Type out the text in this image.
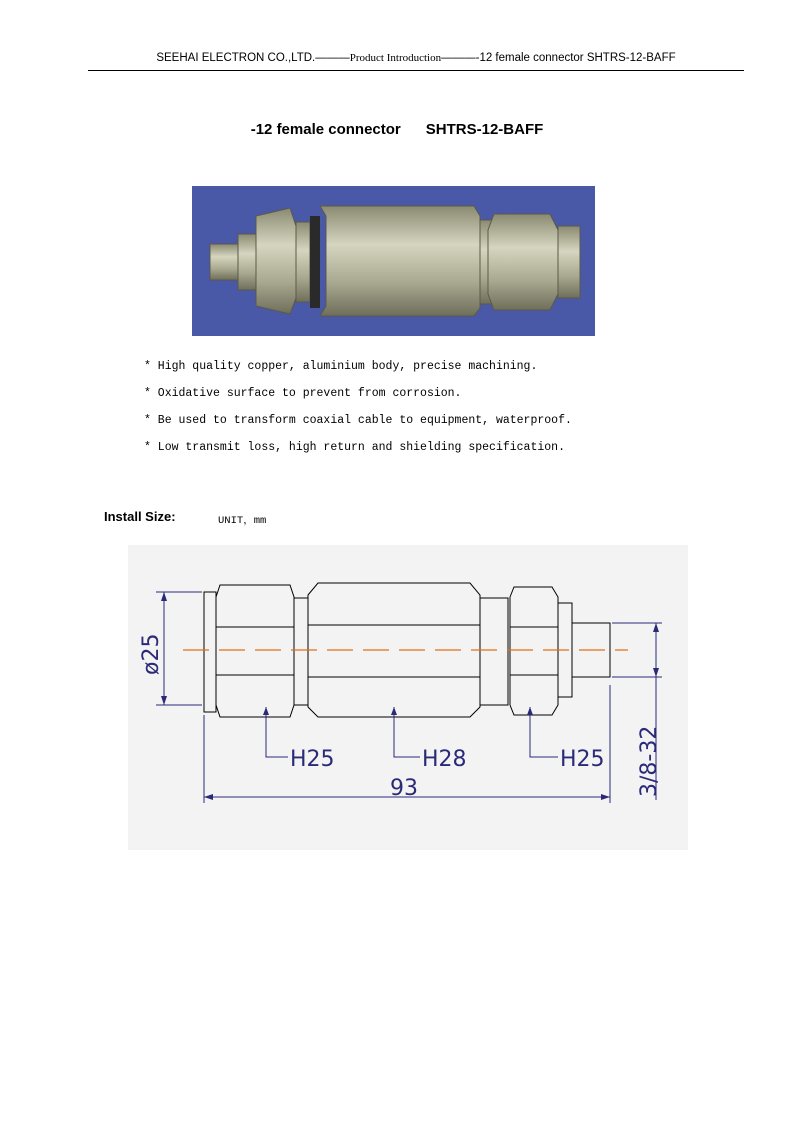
SEEHAI ELECTRON CO.,LTD.———Product Introduction———-12 female connector SHTRS-12-BAFF
-12 female connector      SHTRS-12-BAFF
* High quality copper, aluminium body, precise machining.
* Oxidative surface to prevent from corrosion.
* Be used to transform coaxial cable to equipment, waterproof.
* Low transmit loss, high return and shielding specification.
Install Size:	UNIT，mm
ø25
H25	H28	H25
93	3/8-32
